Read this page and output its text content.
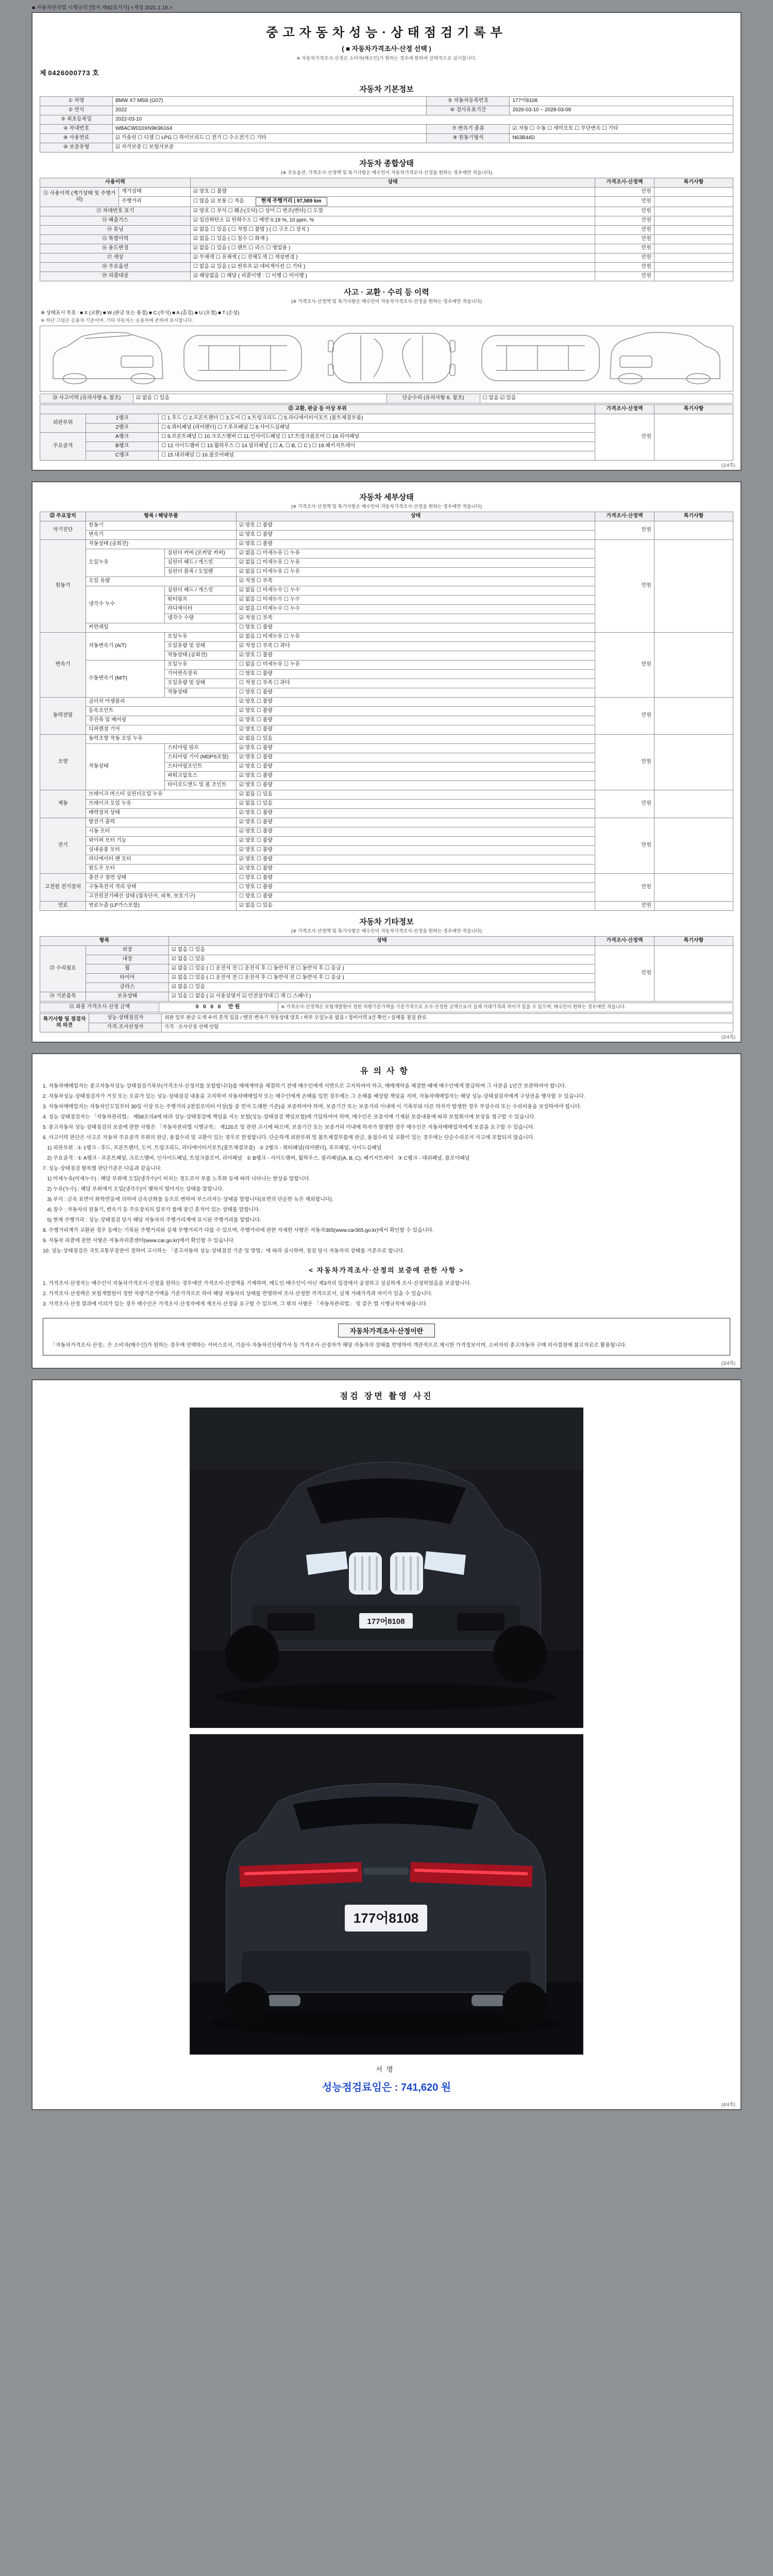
■ 자동차관리법 시행규칙 [별지 제82호서식] <개정 2021.1.19.>
중고자동차성능·상태점검기록부
( ■ 자동차가격조사·산정 선택 )
※ 자동차가격조사·산정은 소비자(매수인)가 원하는 경우에 한하여 선택적으로 실시합니다.
제 0426000773 호
자동차 기본정보
① 차명	BMW X7 M50i (G07)	⑤ 자동차등록번호	177어8108
② 연식	2022	⑥ 검사유효기간	2026-03-10 ~ 2028-03-09
③ 최초등록일	2022-03-10		
④ 차대번호	WBACW010XN9K96164	⑦ 변속기 종류	☑ 자동 ☐ 수동 ☐ 세미오토 ☐ 무단변속 ☐ 기타
⑧ 사용연료	☑ 가솔린 ☐ 디젤 ☐ LPG ☐ 하이브리드 ☐ 전기 ☐ 수소전기 ☐ 기타	⑨ 원동기형식	N63B44D
⑩ 보증유형	☑ 자가보증 ☐ 보험사보증		
자동차 종합상태
(※ 주요옵션, 가격조사·산정액 및 특기사항은 매수인이 자동차가격조사·산정을 원하는 경우에만 적습니다)
사용이력		상태	가격조사·산정액	특기사항
⑪ 사용이력 (계기상태 및 주행거리)	계기상태	☑ 양호 ☐ 불량	만원	
	주행거리	☐ 많음 ☑ 보통 ☐ 적음 현재 주행거리 | 97,589 km	만원	
⑫ 차대번호 표기		☑ 양호 ☐ 부식 ☐ 훼손(오타) ☐ 상이 ☐ 변조(변타) ☐ 도말	만원	
⑬ 배출가스		☑ 일산화탄소 ☑ 탄화수소 ☐ 매연 0.18 %, 10 ppm, %	만원	
⑭ 튜닝		☑ 없음 ☐ 있음 ( ☐ 적법 ☐ 불법 ) ( ☐ 구조 ☐ 장치 )	만원	
⑮ 특별이력		☑ 없음 ☐ 있음 ( ☐ 침수 ☐ 화재 )	만원	
⑯ 용도변경		☑ 없음 ☐ 있음 ( ☐ 렌트 ☐ 리스 ☐ 영업용 )	만원	
⑰ 색상		☑ 무채색 ☐ 유채색 ( ☐ 전체도색 ☐ 색상변경 )	만원	
⑱ 주요옵션		☐ 없음 ☑ 있음 ( ☑ 썬루프 ☑ 네비게이션 ☐ 기타 )	만원	
⑲ 리콜대상		☑ 해당없음 ☐ 해당 ( 리콜이행 : ☐ 이행 ☐ 미이행 )	만원	
사고 · 교환 · 수리 등 이력
(※ 가격조사·산정액 및 특기사항은 매수인이 자동차가격조사·산정을 원하는 경우에만 적습니다)
※ 상태표시 부호 : ■ X (교환) ■ W (판금 또는 용접) ■ C (부식) ■ A (흠집) ■ U (요철) ■ T (손상)
※ 하단 그림은 승용차 기준이며, 기타 자동차는 승용차에 준하여 표시합니다.
⑳ 사고이력 (유의사항 6. 참조)	☑ 없음 ☐ 있음	단순수리 (유의사항 6. 참조)	☐ 없음 ☑ 있음
㉑ 교환, 판금 등 이상 부위			가격조사·산정액	특기사항
외판부위	1랭크	☐ 1.후드 ☐ 2.프론트펜더 ☐ 3.도어 ☐ 4.트렁크리드 ☐ 5.라디에이터서포트 (볼트체결부품)	만원	
	2랭크	☐ 6.쿼터패널 (리어펜더) ☐ 7.루프패널 ☐ 8.사이드실패널		
주요골격	A랭크	☐ 9.프론트패널 ☐ 10.크로스멤버 ☐ 11.인사이드패널 ☐ 17.트렁크플로어 ☐ 18.리어패널		
	B랭크	☐ 12.사이드멤버 ☐ 13.휠하우스 ☐ 14.필러패널 ( ☐ A, ☐ B, ☐ C ) ☐ 19.패키지트레이		
	C랭크	☐ 15.대쉬패널 ☐ 16.플로어패널		
(1/4쪽)
자동차 세부상태
(※ 가격조사·산정액 및 특기사항은 매수인이 자동차가격조사·산정을 원하는 경우에만 적습니다)
㉒ 주요장치	항목 / 해당부품		상태	가격조사·산정액	특기사항
자기진단	원동기		☑ 양호 ☐ 불량	만원	
	변속기		☑ 양호 ☐ 불량		
원동기	작동상태 (공회전)		☑ 양호 ☐ 불량	만원	
	오일누유	실린더 커버 (로커암 커버)	☑ 없음 ☐ 미세누유 ☐ 누유		
		실린더 헤드 / 개스킷	☑ 없음 ☐ 미세누유 ☐ 누유		
		실린더 블록 / 오일팬	☑ 없음 ☐ 미세누유 ☐ 누유		
	오일 유량		☑ 적정 ☐ 부족		
	냉각수 누수	실린더 헤드 / 개스킷	☑ 없음 ☐ 미세누수 ☐ 누수		
		워터펌프	☑ 없음 ☐ 미세누수 ☐ 누수		
		라디에이터	☑ 없음 ☐ 미세누수 ☐ 누수		
		냉각수 수량	☑ 적정 ☐ 부족		
	커먼레일		☐ 양호 ☐ 불량		
변속기	자동변속기 (A/T)	오일누유	☑ 없음 ☐ 미세누유 ☐ 누유	만원	
		오일유량 및 상태	☑ 적정 ☐ 부족 ☐ 과다		
		작동상태 (공회전)	☑ 양호 ☐ 불량		
	수동변속기 (M/T)	오일누유	☐ 없음 ☐ 미세누유 ☐ 누유		
		기어변속장치	☐ 양호 ☐ 불량		
		오일유량 및 상태	☐ 적정 ☐ 부족 ☐ 과다		
		작동상태	☐ 양호 ☐ 불량		
동력전달	클러치 어셈블리		☑ 양호 ☐ 불량	만원	
	등속조인트		☑ 양호 ☐ 불량		
	추진축 및 베어링		☑ 양호 ☐ 불량		
	디퍼렌셜 기어		☑ 양호 ☐ 불량		
조향	동력조향 작동 오일 누유		☑ 없음 ☐ 있음	만원	
	작동상태	스티어링 펌프	☑ 양호 ☐ 불량		
		스티어링 기어 (MDPS포함)	☑ 양호 ☐ 불량		
		스티어링조인트	☑ 양호 ☐ 불량		
		파워고압호스	☑ 양호 ☐ 불량		
		타이로드엔드 및 볼 조인트	☑ 양호 ☐ 불량		
제동	브레이크 마스터 실린더오일 누유		☑ 없음 ☐ 있음	만원	
	브레이크 오일 누유		☑ 없음 ☐ 있음		
	배력장치 상태		☑ 양호 ☐ 불량		
전기	발전기 출력		☑ 양호 ☐ 불량	만원	
	시동 모터		☑ 양호 ☐ 불량		
	와이퍼 모터 기능		☑ 양호 ☐ 불량		
	실내송풍 모터		☑ 양호 ☐ 불량		
	라디에이터 팬 모터		☑ 양호 ☐ 불량		
	윈도우 모터		☑ 양호 ☐ 불량		
고전원 전기장치	충전구 절연 상태		☐ 양호 ☐ 불량	만원	
	구동축전지 격리 상태		☐ 양호 ☐ 불량		
	고전원전기배선 상태 (접속단자, 피복, 보호기구)		☐ 양호 ☐ 불량		
연료	연료누출 (LP가스포함)		☑ 없음 ☐ 있음	만원	
자동차 기타정보
(※ 가격조사·산정액 및 특기사항은 매수인이 자동차가격조사·산정을 원하는 경우에만 적습니다)
항목		상태	가격조사·산정액	특기사항
㉓ 수리필요	외장	☑ 없음 ☐ 있음	만원	
	내장	☑ 없음 ☐ 있음		
	휠	☑ 없음 ☐ 있음 ( ☐ 운전석 전 ☐ 운전석 후 ☐ 동반석 전 ☐ 동반석 후 ☐ 응급 )		
	타이어	☑ 없음 ☐ 있음 ( ☐ 운전석 전 ☐ 운전석 후 ☐ 동반석 전 ☐ 동반석 후 ☐ 응급 )		
	글라스	☑ 없음 ☐ 있음		
㉔ 기본품목	보유상태	☑ 있음 ☐ 없음 ( ☑ 사용설명서 ☑ 안전삼각대 ☐ 잭 ☐ 스패너 )		
㉕ 최종 가격조사·산정 금액	0 0 0 0 만원	※ 가격조사·산정액은 보험개발원이 정한 차량기준가액을 기준가격으로 조사·산정한 금액으로서 실제 거래가격과 차이가 있을 수 있으며, 매수인이 원하는 경우에만 적습니다.
특기사항 및 점검자의 의견	성능·상태점검자	외판 일부 판금·도색 수리 흔적 있음 / 엔진·변속기 작동상태 양호 / 하부 오일누유 없음 / 정비이력 3건 확인 / 실매물 점검 완료
	가격·조사산정자	가격 · 조사산정 선택 안함
(2/4쪽)
유의사항
1. 자동차매매업자는 중고자동차성능·상태점검기록부(가격조사·산정서를 포함합니다)를 매매계약을 체결하기 전에 매수인에게 서면으로 고지하여야 하고, 매매계약을 체결한 때에 매수인에게 발급하며 그 사본을 1년간 보관하여야 합니다.
2. 자동차성능·상태점검자가 거짓 또는 오류가 있는 성능·상태점검 내용을 고지하여 자동차매매업자 또는 매수인에게 손해를 입힌 경우에는 그 손해를 배상할 책임을 지며, 자동차매매업자는 해당 성능·상태점검자에게 구상권을 행사할 수 있습니다.
3. 자동차매매업자는 자동차인도일부터 30일 이상 또는 주행거리 2천킬로미터 이상(둘 중 먼저 도래한 기준)을 보증하여야 하며, 보증기간 또는 보증거리 이내에 이 기록부와 다른 하자가 발생한 경우 무상수리 또는 수리비용을 보상하여야 합니다.
4. 성능·상태점검자는 「자동차관리법」 제58조의4에 따라 성능·상태점검에 책임을 지는 보험(성능·상태점검 책임보험)에 가입하여야 하며, 매수인은 보증서에 기재된 보증내용에 따라 보험회사에 보상을 청구할 수 있습니다.
5. 중고자동차 성능·상태점검의 보증에 관한 사항은 「자동차관리법 시행규칙」 제120조 및 관련 고시에 따르며, 보증기간 또는 보증거리 이내에 하자가 발생한 경우 매수인은 자동차매매업자에게 보증을 요구할 수 있습니다.
6. 사고이력 판단은 사고로 자동차 주요골격 부위의 판금, 용접수리 및 교환이 있는 경우로 한정합니다. 단순하게 외판부위 및 볼트체결부품에 판금, 용접수리 및 교환이 있는 경우에는 단순수리로서 사고에 포함되지 않습니다.
1) 외판부위 : ① 1랭크 - 후드, 프론트펜더, 도어, 트렁크리드, 라디에이터서포트(볼트체결부품)   ② 2랭크 - 쿼터패널(리어펜더), 루프패널, 사이드실패널
2) 주요골격 : ① A랭크 - 프론트패널, 크로스멤버, 인사이드패널, 트렁크플로어, 리어패널   ② B랭크 - 사이드멤버, 휠하우스, 필러패널(A, B, C), 패키지트레이   ③ C랭크 - 대쉬패널, 플로어패널
7. 성능·상태점검 항목별 판단기준은 다음과 같습니다.
1) 미세누유(미세누수) : 해당 부위에 오일(냉각수)이 비치는 정도로서 부품 노후화 등에 따라 나타나는 현상을 말합니다.
2) 누유(누수) : 해당 부위에서 오일(냉각수)이 맺혀서 떨어지는 상태를 말합니다.
3) 부식 : 금속 표면이 화학반응에 의하여 금속산화물 등으로 변하여 부스러지는 상태를 말합니다(표면의 단순한 녹은 제외합니다).
4) 침수 : 자동차의 원동기, 변속기 등 주요장치의 일부가 물에 잠긴 흔적이 있는 상태를 말합니다.
5) 현재 주행거리 : 성능·상태점검 당시 해당 자동차의 주행거리계에 표시된 주행거리를 말합니다.
8. 주행거리계가 교환된 경우 등에는 기록된 주행거리와 실제 주행거리가 다를 수 있으며, 주행거리에 관한 자세한 사항은 자동차365(www.car365.go.kr)에서 확인할 수 있습니다.
9. 자동차 리콜에 관한 사항은 자동차리콜센터(www.car.go.kr)에서 확인할 수 있습니다.
10. 성능·상태점검은 국토교통부장관이 정하여 고시하는 「중고자동차 성능·상태점검 기준 및 방법」에 따라 실시하며, 점검 당시 자동차의 상태를 기준으로 합니다.
< 자동차가격조사·산정의 보증에 관한 사항 >
1. 가격조사·산정자는 매수인이 자동차가격조사·산정을 원하는 경우에만 가격조사·산정액을 기재하며, 매도인·매수인이 아닌 제3자의 입장에서 공정하고 성실하게 조사·산정하였음을 보증합니다.
2. 가격조사·산정액은 보험개발원이 정한 차량기준가액을 기준가격으로 하여 해당 자동차의 상태를 반영하여 조사·산정한 가격으로서, 실제 거래가격과 차이가 있을 수 있습니다.
3. 가격조사·산정 결과에 이의가 있는 경우 매수인은 가격조사·산정자에게 재조사·산정을 요구할 수 있으며, 그 밖의 사항은 「자동차관리법」 및 같은 법 시행규칙에 따릅니다.
자동차가격조사·산정이란
「자동차가격조사·산정」은 소비자(매수인)가 원하는 경우에 선택하는 서비스로서, 기술사·자동차진단평가사 등 가격조사·산정자가 해당 자동차의 상태를 반영하여 객관적으로 제시한 가격정보이며, 소비자의 중고자동차 구매 의사결정에 참고자료로 활용됩니다.
(3/4쪽)
점검 장면 촬영 사진
177어8108
177어8108
서명
성능점검료임은 : 741,620 원
(4/4쪽)
